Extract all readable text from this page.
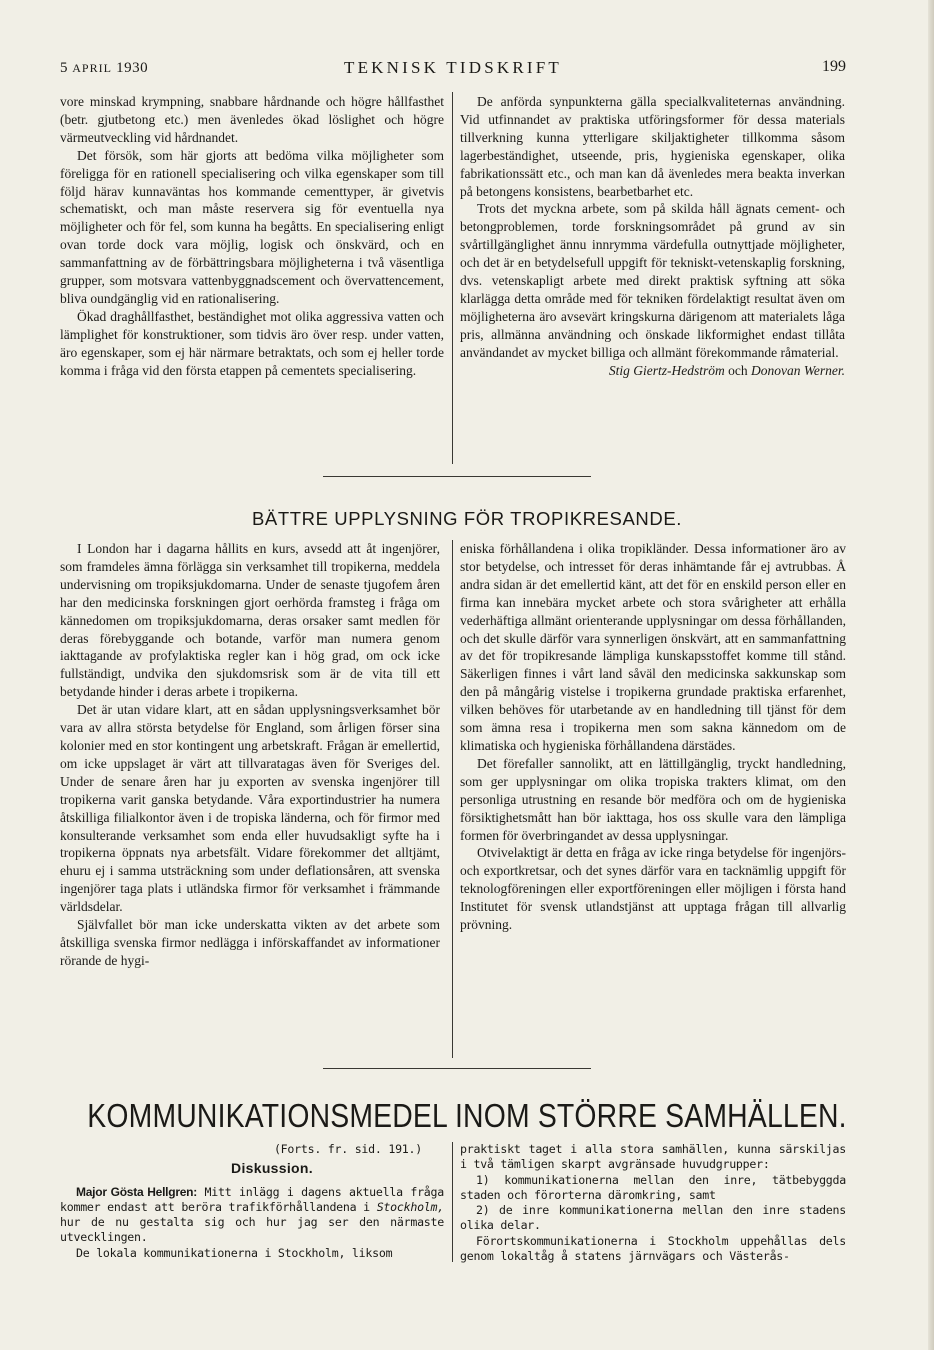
5 APRIL 1930	TEKNISK TIDSKRIFT	199

vore minskad krympning, snabbare hårdnande och högre hållfasthet (betr. gjutbetong etc.) men ävenledes ökad löslighet och högre värmeutveckling vid hårdnandet.

Det försök, som här gjorts att bedöma vilka möjligheter som föreligga för en rationell specialisering och vilka egenskaper som till följd härav kunnaväntas hos kommande cementtyper, är givetvis schematiskt, och man måste reservera sig för eventuella nya möjligheter och för fel, som kunna ha begåtts. En specialisering enligt ovan torde dock vara möjlig, logisk och önskvärd, och en sammanfattning av de förbättringsbara möjligheterna i två väsentliga grupper, som motsvara vattenbyggnadscement och övervattencement, bliva oundgänglig vid en rationalisering.

Ökad draghållfasthet, beständighet mot olika aggressiva vatten och lämplighet för konstruktioner, som tidvis äro över resp. under vatten, äro egenskaper, som ej här närmare betraktats, och som ej heller torde komma i fråga vid den första etappen på cementets specialisering.

De anförda synpunkterna gälla specialkvaliteternas användning. Vid utfinnandet av praktiska utföringsformer för dessa materials tillverkning kunna ytterligare skiljaktigheter tillkomma såsom lagerbeständighet, utseende, pris, hygieniska egenskaper, olika fabrikationssätt etc., och man kan då ävenledes mera beakta inverkan på betongens konsistens, bearbetbarhet etc.

Trots det myckna arbete, som på skilda håll ägnats cement- och betongproblemen, torde forskningsområdet på grund av sin svårtillgänglighet ännu innrymma värdefulla outnyttjade möjligheter, och det är en betydelsefull uppgift för tekniskt-vetenskaplig forskning, dvs. vetenskapligt arbete med direkt praktisk syftning att söka klarlägga detta område med för tekniken fördelaktigt resultat även om möjligheterna äro avsevärt kringskurna därigenom att materialets låga pris, allmänna användning och önskade likformighet endast tillåta användandet av mycket billiga och allmänt förekommande råmaterial.

Stig Giertz-Hedström och Donovan Werner.

BÄTTRE UPPLYSNING FÖR TROPIKRESANDE.

I London har i dagarna hållits en kurs, avsedd att åt ingenjörer, som framdeles ämna förlägga sin verksamhet till tropikerna, meddela undervisning om tropiksjukdomarna. Under de senaste tjugofem åren har den medicinska forskningen gjort oerhörda framsteg i fråga om kännedomen om tropiksjukdomarna, deras orsaker samt medlen för deras förebyggande och botande, varför man numera genom iakttagande av profylaktiska regler kan i hög grad, om ock icke fullständigt, undvika den sjukdomsrisk som är de vita till ett betydande hinder i deras arbete i tropikerna.

Det är utan vidare klart, att en sådan upplysningsverksamhet bör vara av allra största betydelse för England, som årligen förser sina kolonier med en stor kontingent ung arbetskraft. Frågan är emellertid, om icke uppslaget är värt att tillvaratagas även för Sveriges del. Under de senare åren har ju exporten av svenska ingenjörer till tropikerna varit ganska betydande. Våra exportindustrier ha numera åtskilliga filialkontor även i de tropiska länderna, och för firmor med konsulterande verksamhet som enda eller huvudsakligt syfte ha i tropikerna öppnats nya arbetsfält. Vidare förekommer det alltjämt, ehuru ej i samma utsträckning som under deflationsåren, att svenska ingenjörer taga plats i utländska firmor för verksamhet i främmande världsdelar.

Självfallet bör man icke underskatta vikten av det arbete som åtskilliga svenska firmor nedlägga i införskaffandet av informationer rörande de hygi-

eniska förhållandena i olika tropikländer. Dessa informationer äro av stor betydelse, och intresset för deras inhämtande får ej avtrubbas. Å andra sidan är det emellertid känt, att det för en enskild person eller en firma kan innebära mycket arbete och stora svårigheter att erhålla vederhäftiga allmänt orienterande upplysningar om dessa förhållanden, och det skulle därför vara synnerligen önskvärt, att en sammanfattning av det för tropikresande lämpliga kunskapsstoffet komme till stånd. Säkerligen finnes i vårt land såväl den medicinska sakkunskap som den på mångårig vistelse i tropikerna grundade praktiska erfarenhet, vilken behöves för utarbetande av en handledning till tjänst för dem som ämna resa i tropikerna men som sakna kännedom om de klimatiska och hygieniska förhållandena därstädes.

Det förefaller sannolikt, att en lättillgänglig, tryckt handledning, som ger upplysningar om olika tropiska trakters klimat, om den personliga utrustning en resande bör medföra och om de hygieniska försiktighetsmått han bör iakttaga, hos oss skulle vara den lämpliga formen för överbringandet av dessa upplysningar.

Otvivelaktigt är detta en fråga av icke ringa betydelse för ingenjörs- och exportkretsar, och det synes därför vara en tacknämlig uppgift för teknologföreningen eller exportföreningen eller möjligen i första hand Institutet för svensk utlandstjänst att upptaga frågan till allvarlig prövning.

KOMMUNIKATIONSMEDEL INOM STÖRRE SAMHÄLLEN.
(Forts. fr. sid. 191.)
Diskussion.

Major Gösta Hellgren: Mitt inlägg i dagens aktuella fråga kommer endast att beröra trafikförhållandena i Stockholm, hur de nu gestalta sig och hur jag ser den närmaste utvecklingen.

De lokala kommunikationerna i Stockholm, liksom

praktiskt taget i alla stora samhällen, kunna särskiljas i två tämligen skarpt avgränsade huvudgrupper:

1) kommunikationerna mellan den inre, tätbebyggda staden och förorterna däromkring, samt

2) de inre kommunikationerna mellan den inre stadens olika delar.

Förortskommunikationerna i Stockholm uppehållas dels genom lokaltåg å statens järnvägars och Västerås-
